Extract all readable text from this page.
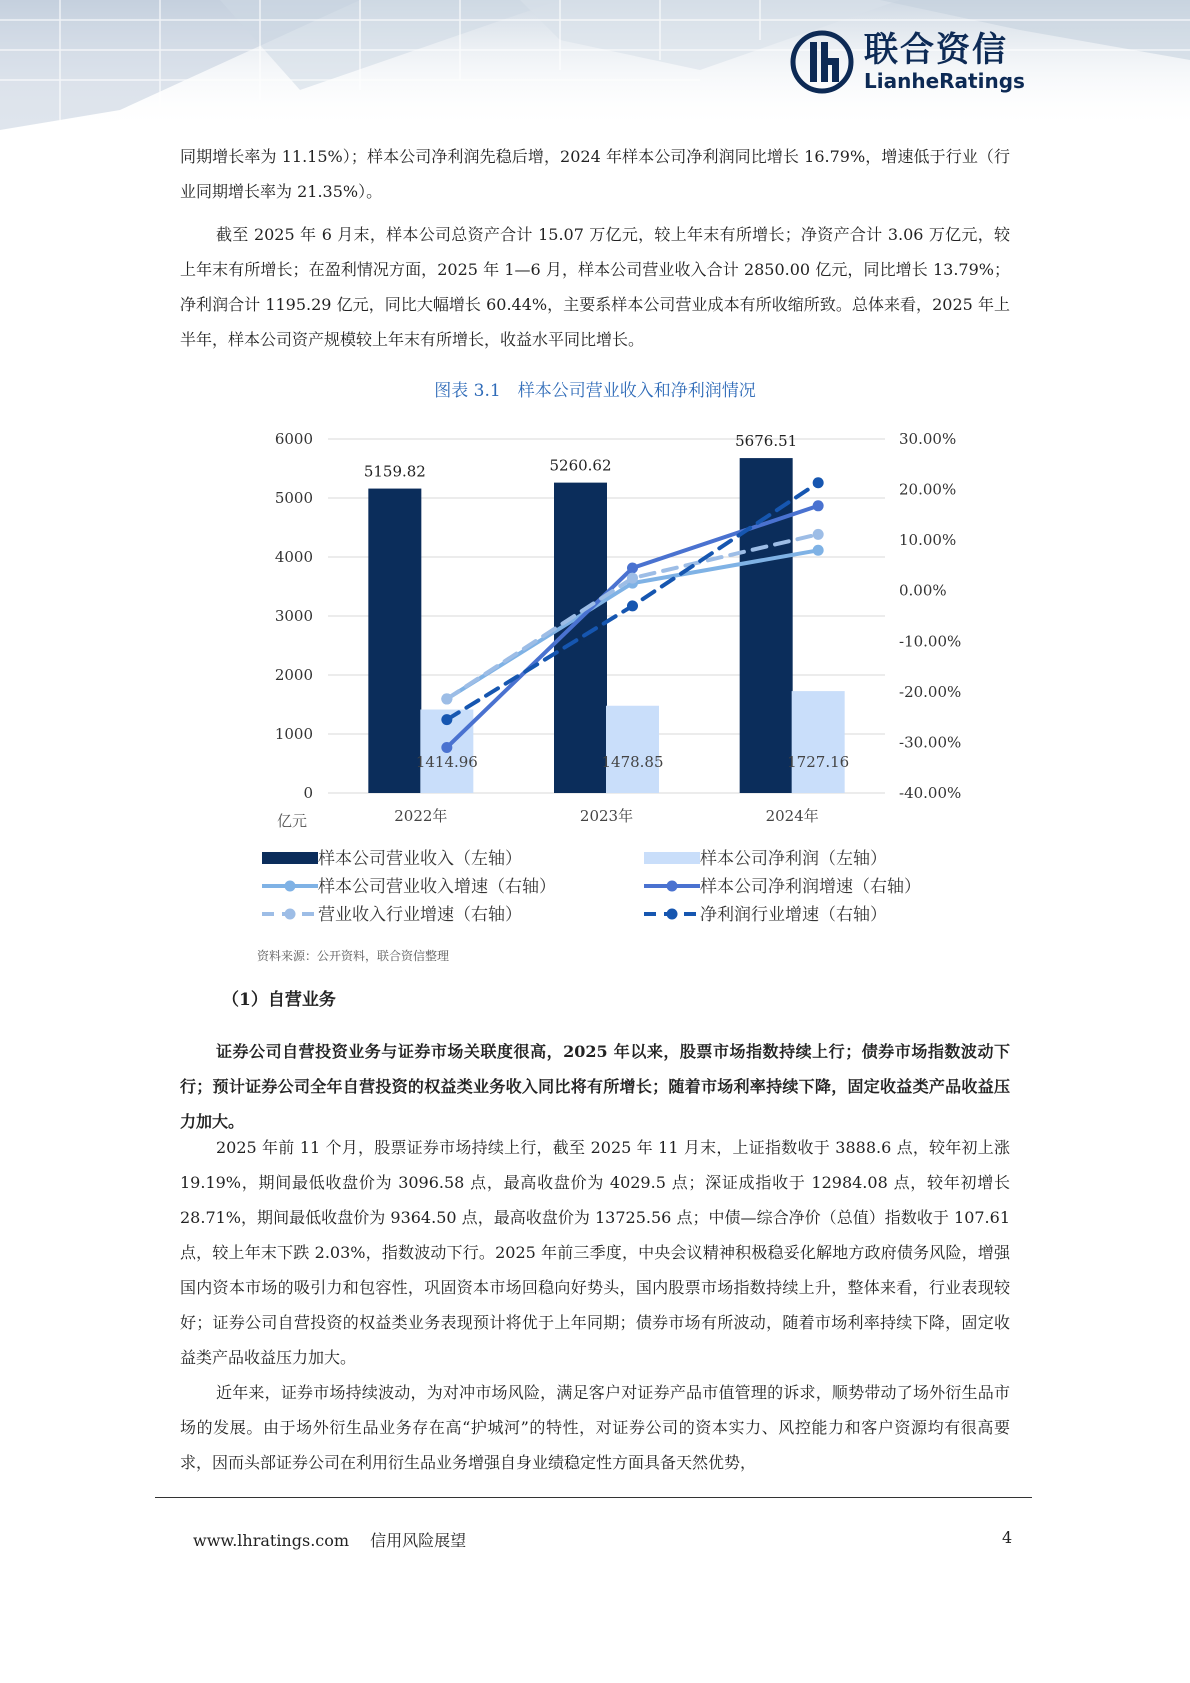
联合资信
LianheRatings

同期增长率为 11.15%）；样本公司净利润先稳后增，2024 年样本公司净利润同比增长 16.79%，增速低于行业（行业同期增长率为 21.35%）。

截至 2025 年 6 月末，样本公司总资产合计 15.07 万亿元，较上年末有所增长；净资产合计 3.06 万亿元，较上年末有所增长；在盈利情况方面，2025 年 1—6 月，样本公司营业收入合计 2850.00 亿元，同比增长 13.79%；净利润合计 1195.29 亿元，同比大幅增长 60.44%，主要系样本公司营业成本有所收缩所致。总体来看，2025 年上半年，样本公司资产规模较上年末有所增长，收益水平同比增长。

图表 3.1　样本公司营业收入和净利润情况
5159.82	5260.62
5676.51
1414.96	1478.85	1727.16
0
1000
2000
3000
4000
5000
6000
-40.00%
-30.00%
-20.00%
-10.00%
0.00%
10.00%
20.00%
30.00%
亿元	2022年	2023年	2024年
样本公司营业收入（左轴）	样本公司净利润（左轴）
样本公司营业收入增速（右轴）	样本公司净利润增速（右轴）
营业收入行业增速（右轴）	净利润行业增速（右轴）
资料来源：公开资料，联合资信整理
（1）自营业务

证券公司自营投资业务与证券市场关联度很高，2025 年以来，股票市场指数持续上行；债券市场指数波动下行；预计证券公司全年自营投资的权益类业务收入同比将有所增长；随着市场利率持续下降，固定收益类产品收益压力加大。

2025 年前 11 个月，股票证券市场持续上行，截至 2025 年 11 月末，上证指数收于 3888.6 点，较年初上涨 19.19%，期间最低收盘价为 3096.58 点，最高收盘价为 4029.5 点；深证成指收于 12984.08 点，较年初增长 28.71%，期间最低收盘价为 9364.50 点，最高收盘价为 13725.56 点；中债—综合净价（总值）指数收于 107.61 点，较上年末下跌 2.03%，指数波动下行。2025 年前三季度，中央会议精神积极稳妥化解地方政府债务风险，增强国内资本市场的吸引力和包容性，巩固资本市场回稳向好势头，国内股票市场指数持续上升，整体来看，行业表现较好；证券公司自营投资的权益类业务表现预计将优于上年同期；债券市场有所波动，随着市场利率持续下降，固定收益类产品收益压力加大。

近年来，证券市场持续波动，为对冲市场风险，满足客户对证券产品市值管理的诉求，顺势带动了场外衍生品市场的发展。由于场外衍生品业务存在高“护城河”的特性，对证券公司的资本实力、风控能力和客户资源均有很高要求，因而头部证券公司在利用衍生品业务增强自身业绩稳定性方面具备天然优势，

www.lhratings.com 信用风险展望	4
